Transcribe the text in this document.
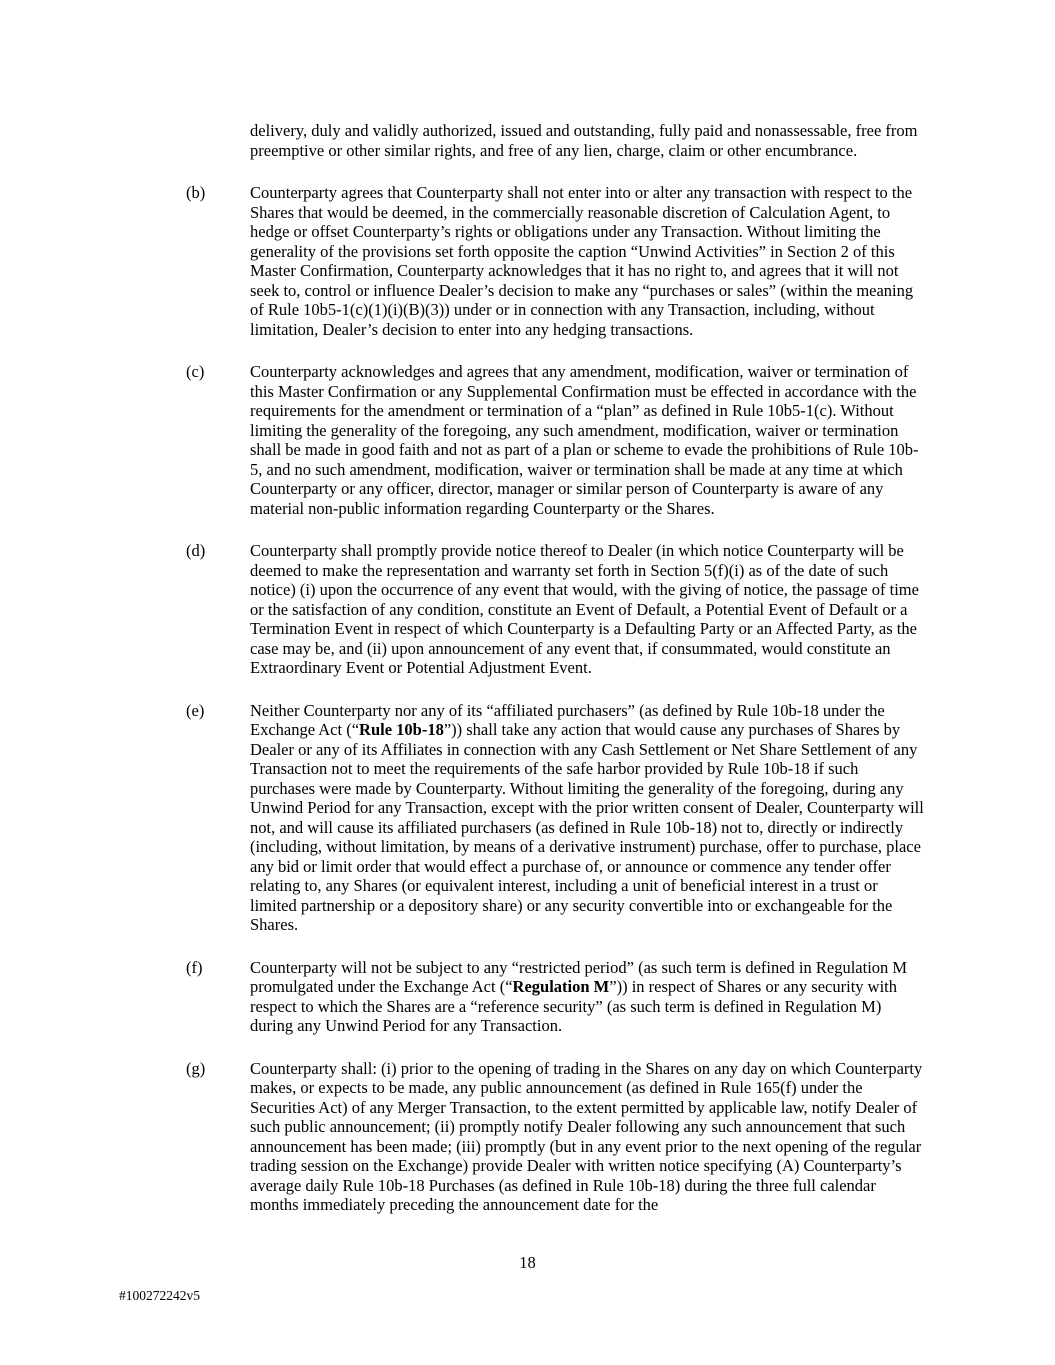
delivery, duly and validly authorized, issued and outstanding, fully paid and nonassessable, free from preemptive or other similar rights, and free of any lien, charge, claim or other encumbrance.
(b)	Counterparty agrees that Counterparty shall not enter into or alter any transaction with respect to the Shares that would be deemed, in the commercially reasonable discretion of Calculation Agent, to hedge or offset Counterparty’s rights or obligations under any Transaction. Without limiting the generality of the provisions set forth opposite the caption “Unwind Activities” in Section 2 of this Master Confirmation, Counterparty acknowledges that it has no right to, and agrees that it will not seek to, control or influence Dealer’s decision to make any “purchases or sales” (within the meaning of Rule 10b5-1(c)(1)(i)(B)(3)) under or in connection with any Transaction, including, without limitation, Dealer’s decision to enter into any hedging transactions.
(c)	Counterparty acknowledges and agrees that any amendment, modification, waiver or termination of this Master Confirmation or any Supplemental Confirmation must be effected in accordance with the requirements for the amendment or termination of a “plan” as defined in Rule 10b5-1(c). Without limiting the generality of the foregoing, any such amendment, modification, waiver or termination shall be made in good faith and not as part of a plan or scheme to evade the prohibitions of Rule 10b-5, and no such amendment, modification, waiver or termination shall be made at any time at which Counterparty or any officer, director, manager or similar person of Counterparty is aware of any material non-public information regarding Counterparty or the Shares.
(d)	Counterparty shall promptly provide notice thereof to Dealer (in which notice Counterparty will be deemed to make the representation and warranty set forth in Section 5(f)(i) as of the date of such notice) (i) upon the occurrence of any event that would, with the giving of notice, the passage of time or the satisfaction of any condition, constitute an Event of Default, a Potential Event of Default or a Termination Event in respect of which Counterparty is a Defaulting Party or an Affected Party, as the case may be, and (ii) upon announcement of any event that, if consummated, would constitute an Extraordinary Event or Potential Adjustment Event.
(e)	Neither Counterparty nor any of its “affiliated purchasers” (as defined by Rule 10b-18 under the Exchange Act (“Rule 10b-18”)) shall take any action that would cause any purchases of Shares by Dealer or any of its Affiliates in connection with any Cash Settlement or Net Share Settlement of any Transaction not to meet the requirements of the safe harbor provided by Rule 10b-18 if such purchases were made by Counterparty. Without limiting the generality of the foregoing, during any Unwind Period for any Transaction, except with the prior written consent of Dealer, Counterparty will not, and will cause its affiliated purchasers (as defined in Rule 10b-18) not to, directly or indirectly (including, without limitation, by means of a derivative instrument) purchase, offer to purchase, place any bid or limit order that would effect a purchase of, or announce or commence any tender offer relating to, any Shares (or equivalent interest, including a unit of beneficial interest in a trust or limited partnership or a depository share) or any security convertible into or exchangeable for the Shares.
(f)	Counterparty will not be subject to any “restricted period” (as such term is defined in Regulation M promulgated under the Exchange Act (“Regulation M”)) in respect of Shares or any security with respect to which the Shares are a “reference security” (as such term is defined in Regulation M) during any Unwind Period for any Transaction.
(g)	Counterparty shall: (i) prior to the opening of trading in the Shares on any day on which Counterparty makes, or expects to be made, any public announcement (as defined in Rule 165(f) under the Securities Act) of any Merger Transaction, to the extent permitted by applicable law, notify Dealer of such public announcement; (ii) promptly notify Dealer following any such announcement that such announcement has been made; (iii) promptly (but in any event prior to the next opening of the regular trading session on the Exchange) provide Dealer with written notice specifying (A) Counterparty’s average daily Rule 10b-18 Purchases (as defined in Rule 10b-18) during the three full calendar months immediately preceding the announcement date for the
18
#100272242v5
